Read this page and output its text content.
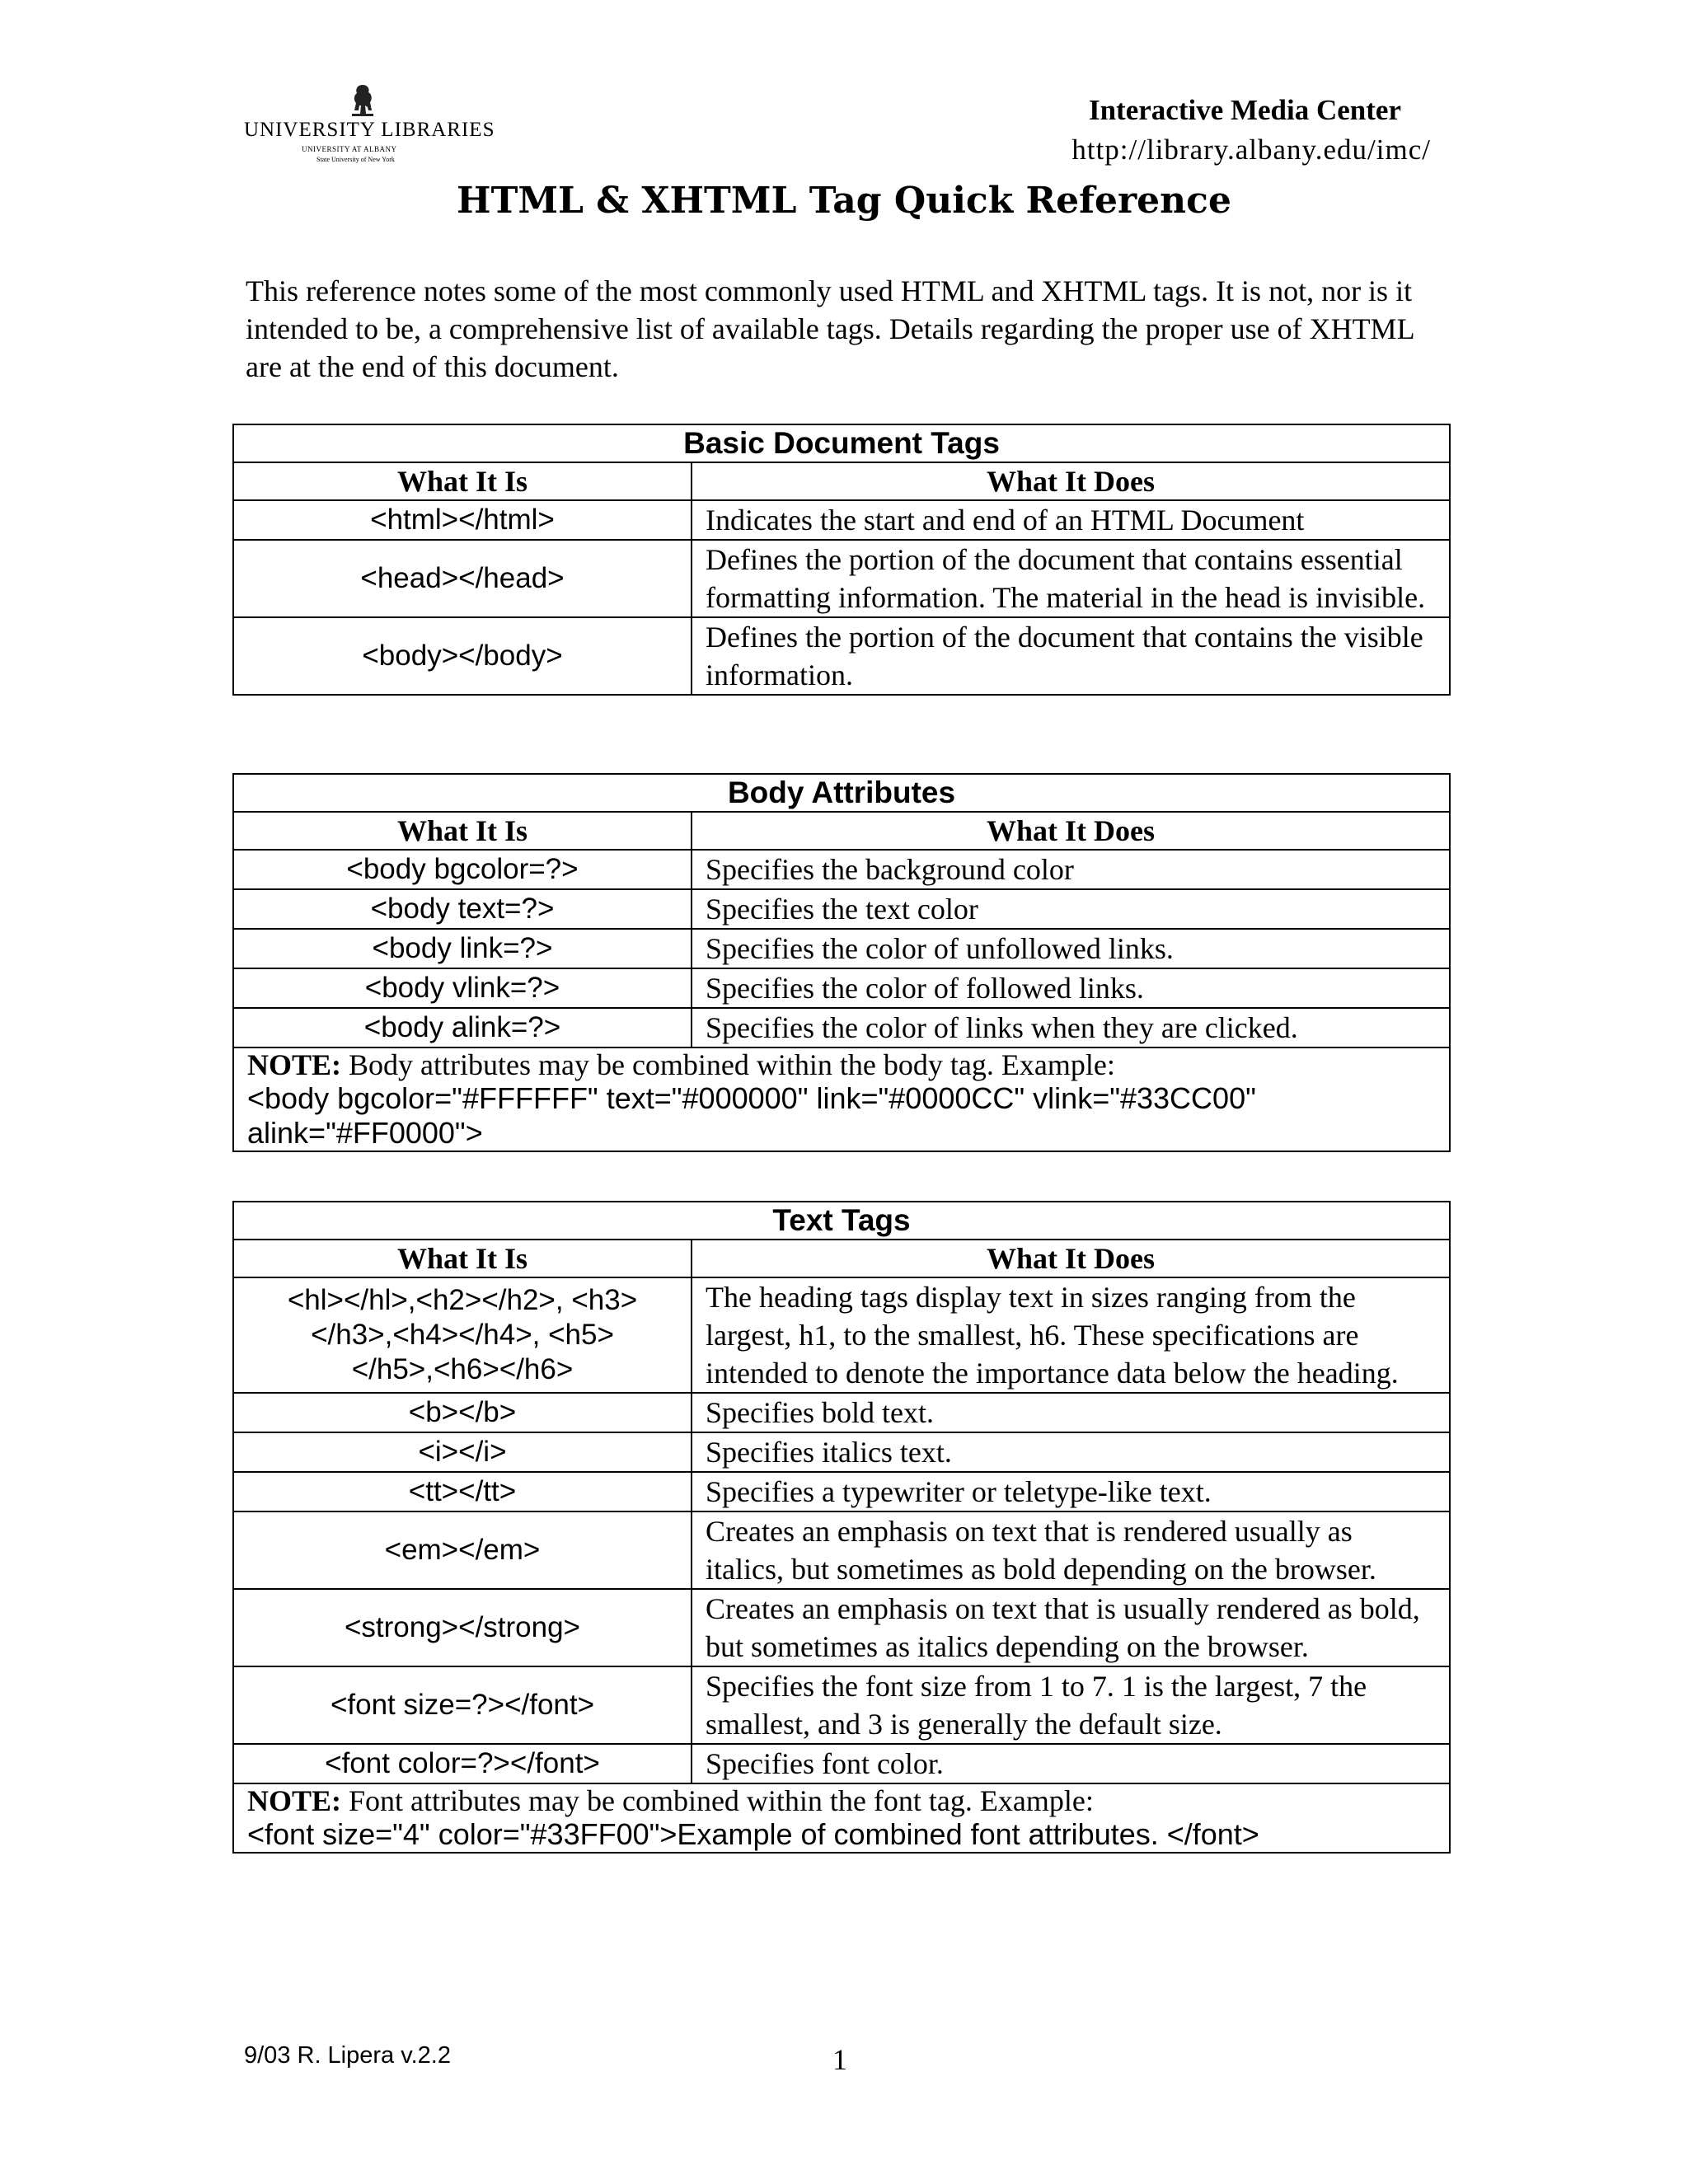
UNIVERSITY LIBRARIES
UNIVERSITY AT ALBANY
State University of New York
Interactive Media Center
http://library.albany.edu/imc/
HTML & XHTML Tag Quick Reference
This reference notes some of the most commonly used HTML and XHTML tags. It is not, nor is it intended to be, a comprehensive list of available tags. Details regarding the proper use of XHTML are at the end of this document.
Basic Document Tags	
What It Is	What It Does
<html></html>	Indicates the start and end of an HTML Document
<head></head>	Defines the portion of the document that contains essential formatting information. The material in the head is invisible.
<body></body>	Defines the portion of the document that contains the visible information.
Body Attributes	
What It Is	What It Does
<body bgcolor=?>	Specifies the background color
<body text=?>	Specifies the text color
<body link=?>	Specifies the color of unfollowed links.
<body vlink=?>	Specifies the color of followed links.
<body alink=?>	Specifies the color of links when they are clicked.
NOTE: Body attributes may be combined within the body tag. Example:
<body bgcolor="#FFFFFF" text="#000000" link="#0000CC" vlink="#33CC00" alink="#FF0000">	
Text Tags	
What It Is	What It Does
<hl></hl>,<h2></h2>, <h3></h3>,<h4></h4>, <h5></h5>,<h6></h6>	The heading tags display text in sizes ranging from the largest, h1, to the smallest, h6. These specifications are intended to denote the importance data below the heading.
<b></b>	Specifies bold text.
<i></i>	Specifies italics text.
<tt></tt>	Specifies a typewriter or teletype-like text.
<em></em>	Creates an emphasis on text that is rendered usually as italics, but sometimes as bold depending on the browser.
<strong></strong>	Creates an emphasis on text that is usually rendered as bold, but sometimes as italics depending on the browser.
<font size=?></font>	Specifies the font size from 1 to 7. 1 is the largest, 7 the smallest, and 3 is generally the default size.
<font color=?></font>	Specifies font color.
NOTE: Font attributes may be combined within the font tag. Example:
<font size="4" color="#33FF00">Example of combined font attributes. </font>	
9/03 R. Lipera v.2.2	1
